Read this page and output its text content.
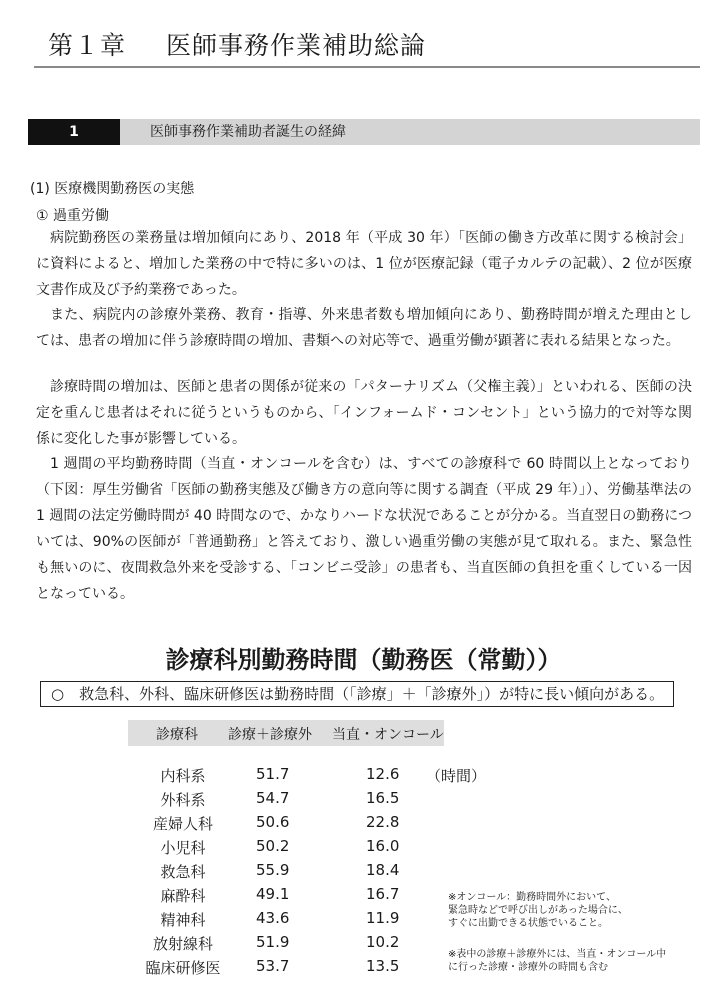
第１章 医師事務作業補助総論
1	医師事務作業補助者誕生の経緯
(1) 医療機関勤務医の実態
① 過重労働

病院勤務医の業務量は増加傾向にあり、2018 年（平成 30 年）「医師の働き方改革に関する検討会」に資料によると、増加した業務の中で特に多いのは、1 位が医療記録（電子カルテの記載）、2 位が医療文書作成及び予約業務であった。

また、病院内の診療外業務、教育・指導、外来患者数も増加傾向にあり、勤務時間が増えた理由としては、患者の増加に伴う診療時間の増加、書類への対応等で、過重労働が顕著に表れる結果となった。

診療時間の増加は、医師と患者の関係が従来の「パターナリズム（父権主義）」といわれる、医師の決定を重んじ患者はそれに従うというものから、「インフォームド・コンセント」という協力的で対等な関係に変化した事が影響している。

1 週間の平均勤務時間（当直・オンコールを含む）は、すべての診療科で 60 時間以上となっており（下図：厚生労働省「医師の勤務実態及び働き方の意向等に関する調査（平成 29 年）」）、労働基準法の 1 週間の法定労働時間が 40 時間なので、かなりハードな状況であることが分かる。当直翌日の勤務については、90%の医師が「普通勤務」と答えており、激しい過重労働の実態が見て取れる。また、緊急性も無いのに、夜間救急外来を受診する、「コンビニ受診」の患者も、当直医師の負担を重くしている一因となっている。

診療科別勤務時間（勤務医（常勤））
○　救急科、外科、臨床研修医は勤務時間（「診療」＋「診療外」）が特に長い傾向がある。
診療科 診療＋診療外 当直・オンコール
（時間）
内科系	51.7	12.6
外科系	54.7	16.5
産婦人科	50.6	22.8
小児科	50.2	16.0
救急科	55.9	18.4
麻酔科	49.1	16.7
精神科	43.6	11.9
放射線科	51.9	10.2
臨床研修医	53.7	13.5

※オンコール：勤務時間外において、
緊急時などで呼び出しがあった場合に、
すぐに出勤できる状態でいること。

※表中の診療＋診療外には、当直・オンコール中
に行った診療・診療外の時間も含む
